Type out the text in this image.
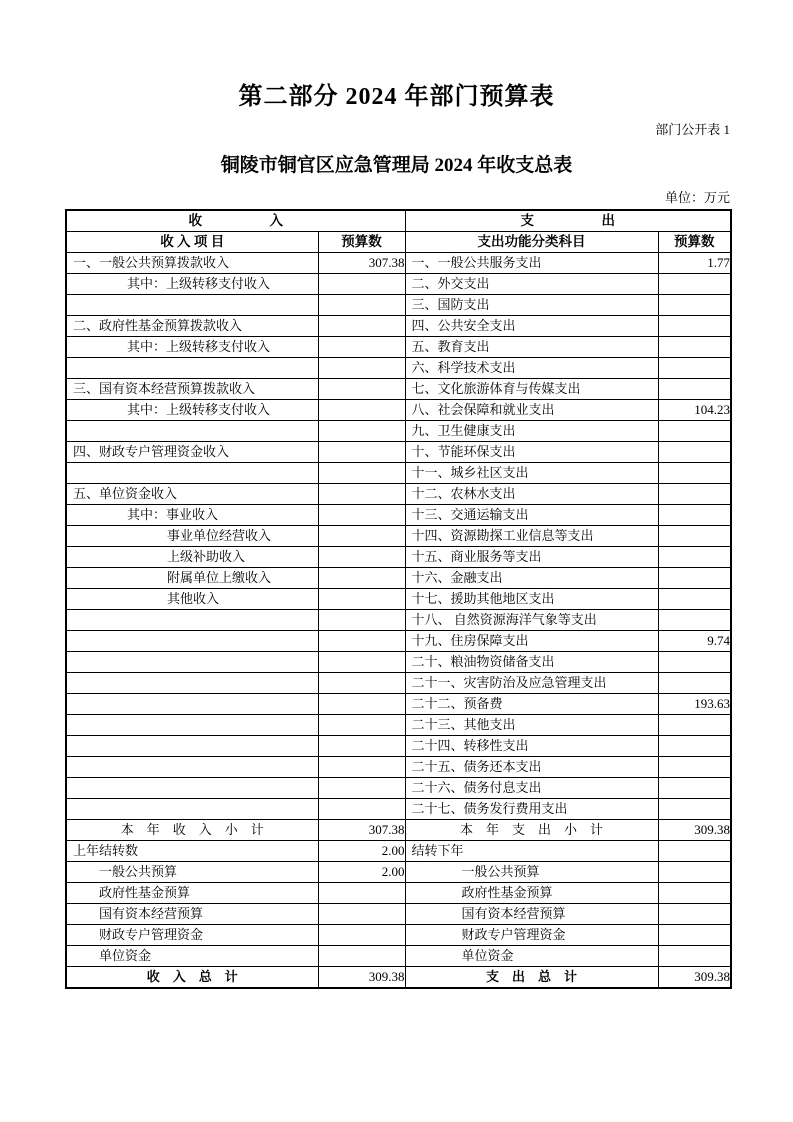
第二部分 2024 年部门预算表
部门公开表 1
铜陵市铜官区应急管理局 2024 年收支总表
单位：万元
收　　　　　入		支　　　　　出	
收 入 项 目	预算数	支出功能分类科目	预算数
一、一般公共预算拨款收入	307.38	一、一般公共服务支出	1.77
其中：上级转移支付收入		二、外交支出	
		三、国防支出	
二、政府性基金预算拨款收入		四、公共安全支出	
其中：上级转移支付收入		五、教育支出	
		六、科学技术支出	
三、国有资本经营预算拨款收入		七、文化旅游体育与传媒支出	
其中：上级转移支付收入		八、社会保障和就业支出	104.23
		九、卫生健康支出	
四、财政专户管理资金收入		十、节能环保支出	
		十一、城乡社区支出	
五、单位资金收入		十二、农林水支出	
其中：事业收入		十三、交通运输支出	
事业单位经营收入		十四、资源勘探工业信息等支出	
上级补助收入		十五、商业服务等支出	
附属单位上缴收入		十六、金融支出	
其他收入		十七、援助其他地区支出	
		十八、 自然资源海洋气象等支出	
		十九、住房保障支出	9.74
		二十、粮油物资储备支出	
		二十一、灾害防治及应急管理支出	
		二十二、预备费	193.63
		二十三、其他支出	
		二十四、转移性支出	
		二十五、债务还本支出	
		二十六、债务付息支出	
		二十七、债务发行费用支出	
本　年　收　入　小　计	307.38	本　年　支　出　小　计	309.38
上年结转数	2.00	结转下年	
一般公共预算	2.00	一般公共预算	
政府性基金预算		政府性基金预算	
国有资本经营预算		国有资本经营预算	
财政专户管理资金		财政专户管理资金	
单位资金		单位资金	
收　入　总　计	309.38	支　出　总　计	309.38
